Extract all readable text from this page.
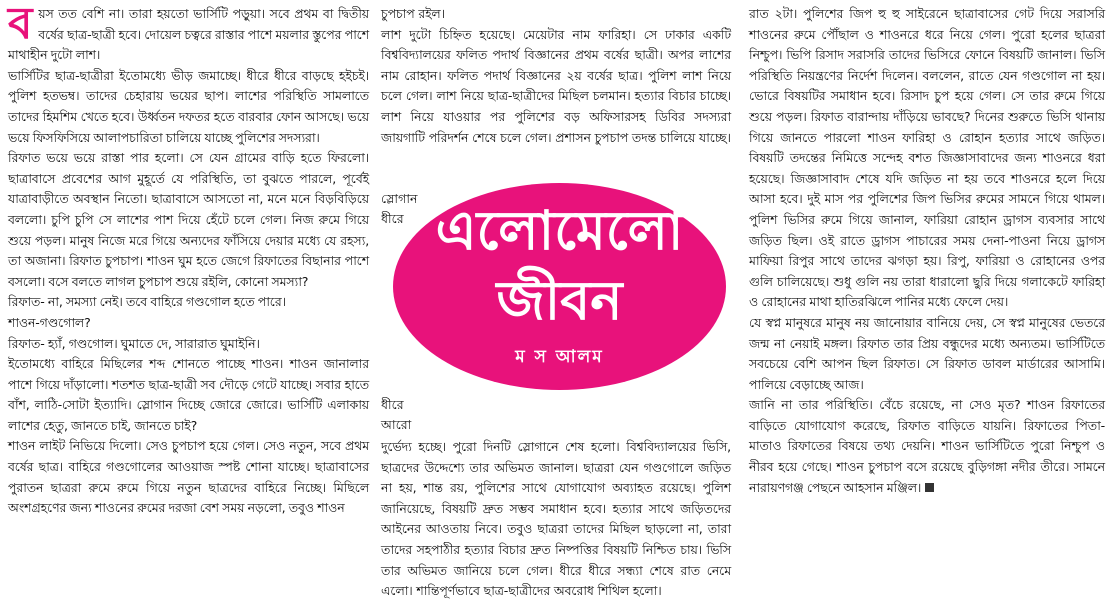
বয়স তত বেশি না। তারা হয়তো ভার্সিটি পড়ুয়া। সবে প্রথম বা দ্বিতীয় বর্ষের ছাত্র-ছাত্রী হবে। দোয়েল চত্বরে রাস্তার পাশে ময়লার স্তুপের পাশে মাথাহীন দুটো লাশ।

ভার্সিটির ছাত্র-ছাত্রীরা ইতোমধ্যে ভীড় জমাচ্ছে। ধীরে ধীরে বাড়ছে হইচই। পুলিশ হতভম্ব। তাদের চেহারায় ভয়ের ছাপ। লাশের পরিস্থিতি সামলাতে তাদের হিমশিম খেতে হবে। উর্ধ্বতন দফতর হতে বারবার ফোন আসছে। ভয়ে ভয়ে ফিসফিসিয়ে আলাপচারিতা চালিয়ে যাচ্ছে পুলিশের সদস্যরা।

রিফাত ভয়ে ভয়ে রাস্তা পার হলো। সে যেন গ্রামের বাড়ি হতে ফিরলো। ছাত্রাবাসে প্রবেশের আগ মুহূর্তে যে পরিস্থিতি, তা বুঝতে পারলে, পূর্বেই যাত্রাবাড়ীতে অবস্থান নিতো। ছাত্রাবাসে আসতো না, মনে মনে বিড়বিড়িয়ে বললো। চুপি চুপি সে লাশের পাশ দিয়ে হেঁটে চলে গেল। নিজ রুমে গিয়ে শুয়ে পড়ল। মানুষ নিজে মরে গিয়ে অন্যদের ফাঁসিয়ে দেয়ার মধ্যে যে রহস্য, তা অজানা। রিফাত চুপচাপ। শাওন ঘুম হতে জেগে রিফাতের বিছানার পাশে বসলো। বসে বলতে লাগল চুপচাপ শুয়ে রইলি, কোনো সমস্যা?

রিফাত- না, সমস্যা নেই। তবে বাহিরে গণ্ডগোল হতে পারে।

শাওন-গণ্ডগোল?

রিফাত- হ্যাঁ, গণ্ডগোল। ঘুমাতে দে, সারারাত ঘুমাইনি।

ইতোমধ্যে বাহিরে মিছিলের শব্দ শোনতে পাচ্ছে শাওন। শাওন জানালার পাশে গিয়ে দাঁড়ালো। শতশত ছাত্র-ছাত্রী সব দৌড়ে গেটে যাচ্ছে। সবার হাতে বাঁশ, লাঠি-সোটা ইত্যাদি। স্লোগান দিচ্ছে জোরে জোরে। ভার্সিটি এলাকায় লাশের হেতু, জানতে চাই, জানতে চাই?

শাওন লাইট নিভিয়ে দিলো। সেও চুপচাপ হয়ে গেল। সেও নতুন, সবে প্রথম বর্ষের ছাত্র। বাহিরে গণ্ডগোলের আওয়াজ স্পষ্ট শোনা যাচ্ছে। ছাত্রাবাসের পুরাতন ছাত্ররা রুমে রুমে গিয়ে নতুন ছাত্রদের বাহিরে নিচ্ছে। মিছিলে অংশগ্রহণের জন্য শাওনের রুমের দরজা বেশ সময় নড়লো, তবুও শাওন

চুপচাপ রইল।

লাশ দুটো চিহ্নিত হয়েছে। মেয়েটার নাম ফারিহা। সে ঢাকার একটি বিশ্ববিদ্যালয়ের ফলিত পদার্থ বিজ্ঞানের প্রথম বর্ষের ছাত্রী। অপর লাশের নাম রোহান। ফলিত পদার্থ বিজ্ঞানের ২য় বর্ষের ছাত্র। পুলিশ লাশ নিয়ে চলে গেল। লাশ নিয়ে ছাত্র-ছাত্রীদের মিছিল চলমান। হত্যার বিচার চাচ্ছে। লাশ নিয়ে যাওয়ার পর পুলিশের বড় অফিসারসহ ডিবির সদস্যরা জায়গাটি পরিদর্শন শেষে চলে গেল। প্রশাসন চুপচাপ তদন্ত চালিয়ে যাচ্ছে।

স্লোগান
ধীরে এলোমেলো
জীবন
ম স আলম
ধীরে
আরো

দুর্ভেদ্য হচ্ছে। পুরো দিনটি স্লোগানে শেষ হলো। বিশ্ববিদ্যালয়ের ভিসি, ছাত্রদের উদ্দেশ্যে তার অভিমত জানাল। ছাত্ররা যেন গণ্ডগোলে জড়িত না হয়, শান্ত রয়, পুলিশের সাথে যোগাযোগ অব্যাহত রয়েছে। পুলিশ জানিয়েছে, বিষয়টি দ্রুত সম্ভব সমাধান হবে। হত্যার সাথে জড়িতদের আইনের আওতায় নিবে। তবুও ছাত্ররা তাদের মিছিল ছাড়লো না, তারা তাদের সহপাঠীর হত্যার বিচার দ্রুত নিষ্পত্তির বিষয়টি নিশ্চিত চায়। ভিসি তার অভিমত জানিয়ে চলে গেল। ধীরে ধীরে সন্ধ্যা শেষে রাত নেমে এলো। শান্তিপূর্ণভাবে ছাত্র-ছাত্রীদের অবরোধ শিথিল হলো।

রাত ২টা। পুলিশের জিপ হু হু সাইরেনে ছাত্রাবাসের গেট দিয়ে সরাসরি শাওনের রুমে পৌঁছাল ও শাওনরে ধরে নিয়ে গেল। পুরো হলের ছাত্ররা নিশ্চুপ। ভিপি রিসাদ সরাসরি তাদের ভিসিরে ফোনে বিষয়টি জানাল। ভিসি পরিস্থিতি নিয়ন্ত্রণের নির্দেশ দিলেন। বললেন, রাতে যেন গণ্ডগোল না হয়। ভোরে বিষয়টির সমাধান হবে। রিসাদ চুপ হয়ে গেল। সে তার রুমে গিয়ে শুয়ে পড়ল। রিফাত বারান্দায় দাঁড়িয়ে ভাবছে? দিনের শুরুতে ভিসি থানায় গিয়ে জানতে পারলো শাওন ফারিহা ও রোহান হত্যার সাথে জড়িত। বিষয়টি তদন্তের নিমিত্তে সন্দেহ বশত জিজ্ঞাসাবাদের জন্য শাওনরে ধরা হয়েছে। জিজ্ঞাসাবাদ শেষে যদি জড়িত না হয় তবে শাওনরে হলে দিয়ে আসা হবে। দুই মাস পর পুলিশের জিপ ভিসির রুমের সামনে গিয়ে থামল। পুলিশ ভিসির রুমে গিয়ে জানাল, ফারিয়া রোহান ড্রাগস ব্যবসার সাথে জড়িত ছিল। ওই রাতে ড্রাগস পাচারের সময় দেনা-পাওনা নিয়ে ড্রাগস মাফিয়া রিপুর সাথে তাদের ঝগড়া হয়। রিপু, ফারিয়া ও রোহানের ওপর গুলি চালিয়েছে। শুধু গুলি নয় তারা ধারালো ছুরি দিয়ে গলাকেটে ফারিহা ও রোহানের মাথা হাতিরঝিলে পানির মধ্যে ফেলে দেয়।

যে স্বপ্ন মানুষরে মানুষ নয় জানোয়ার বানিয়ে দেয়, সে স্বপ্ন মানুষের ভেতরে জন্ম না নেয়াই মঙ্গল। রিফাত তার প্রিয় বন্ধুদের মধ্যে অন্যতম। ভার্সিটিতে সবচেয়ে বেশি আপন ছিল রিফাত। সে রিফাত ডাবল মার্ডারের আসামি। পালিয়ে বেড়াচ্ছে আজ।

জানি না তার পরিস্থিতি। বেঁচে রয়েছে, না সেও মৃত? শাওন রিফাতের বাড়িতে যোগাযোগ করেছে, রিফাত বাড়িতে যায়নি। রিফাতের পিতা-মাতাও রিফাতের বিষয়ে তথ্য দেয়নি। শাওন ভার্সিটিতে পুরো নিশ্চুপ ও নীরব হয়ে গেছে। শাওন চুপচাপ বসে রয়েছে বুড়িগঙ্গা নদীর তীরে। সামনে নারায়ণগঞ্জ পেছনে আহসান মঞ্জিল।
